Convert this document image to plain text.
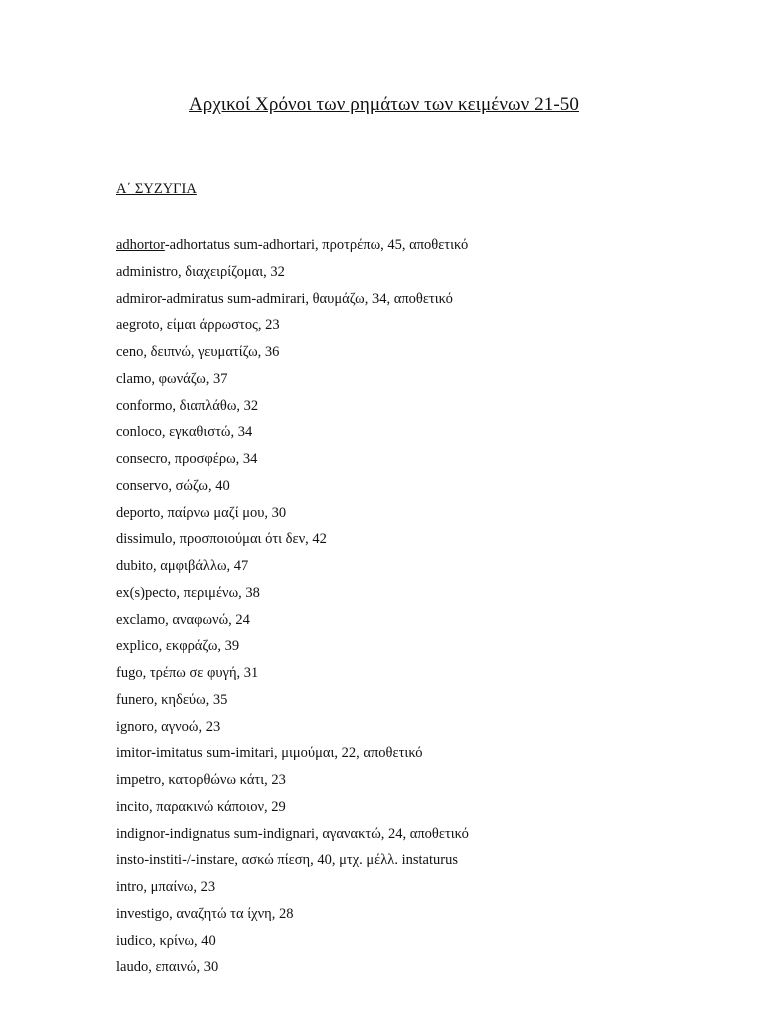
Αρχικοί Χρόνοι των ρημάτων των κειμένων 21-50
Α΄ ΣΥΖΥΓΙΑ
adhortor-adhortatus sum-adhortari, προτρέπω, 45, αποθετικό
administro, διαχειρίζομαι, 32
admiror-admiratus sum-admirari, θαυμάζω, 34, αποθετικό
aegroto, είμαι άρρωστος, 23
ceno, δειπνώ, γευματίζω, 36
clamo, φωνάζω, 37
conformo, διαπλάθω, 32
conloco, εγκαθιστώ, 34
consecro, προσφέρω, 34
conservo, σώζω, 40
deporto, παίρνω μαζί μου, 30
dissimulo, προσποιούμαι ότι δεν, 42
dubito, αμφιβάλλω, 47
ex(s)pecto, περιμένω, 38
exclamo, αναφωνώ, 24
explico, εκφράζω, 39
fugo, τρέπω σε φυγή, 31
funero, κηδεύω, 35
ignoro, αγνοώ, 23
imitor-imitatus sum-imitari, μιμούμαι, 22, αποθετικό
impetro, κατορθώνω κάτι, 23
incito, παρακινώ κάποιον, 29
indignor-indignatus sum-indignari, αγανακτώ, 24, αποθετικό
insto-institi-/-instare, ασκώ πίεση, 40, μτχ. μέλλ. instaturus
intro, μπαίνω, 23
investigo, αναζητώ τα ίχνη, 28
iudico, κρίνω, 40
laudo, επαινώ, 30
